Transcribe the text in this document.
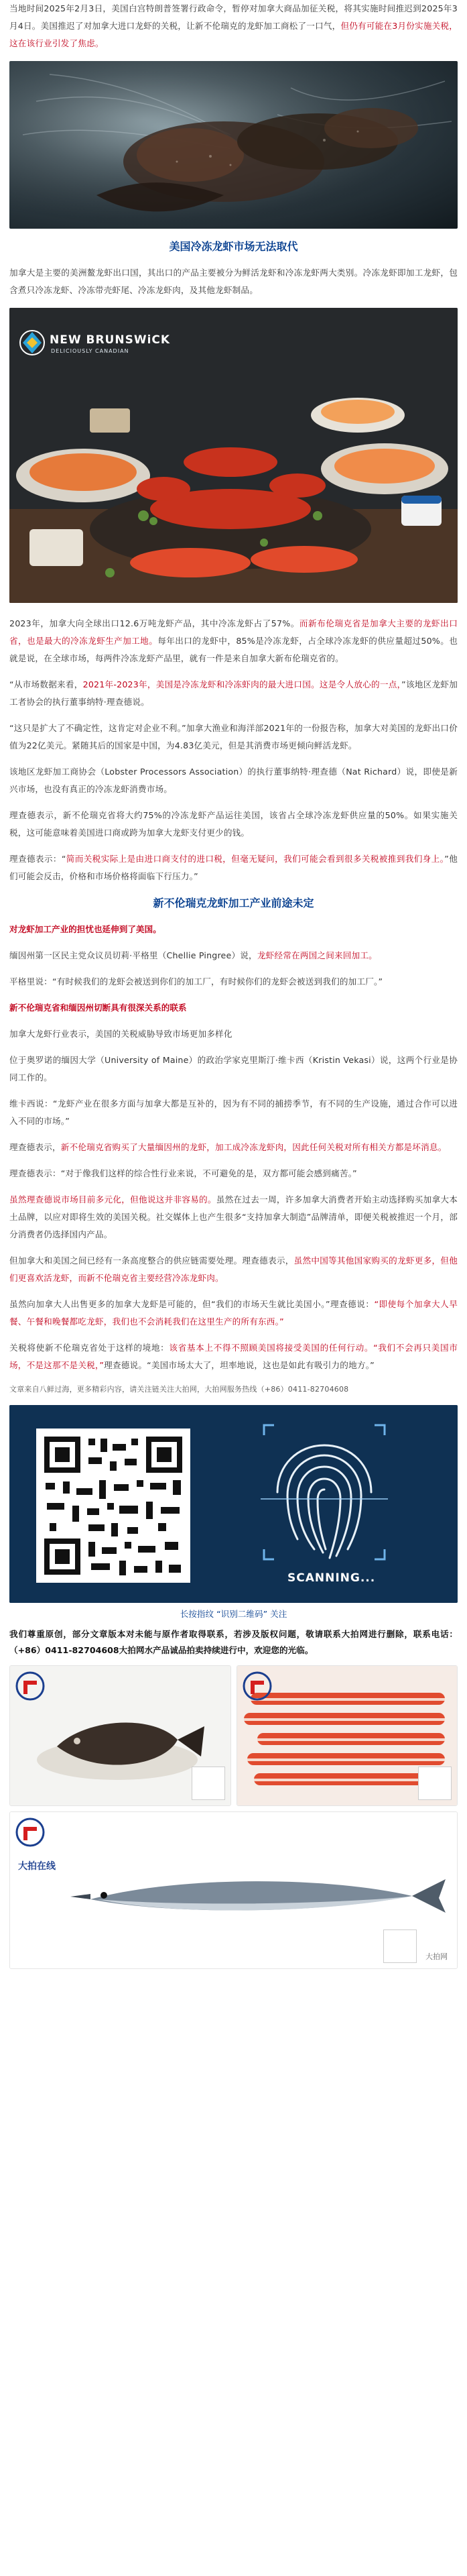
当地时间2025年2月3日，美国白宫特朗普签署行政命令，暂停对加拿大商品加征关税，将其实施时间推迟到2025年3月4日。美国推迟了对加拿大进口龙虾的关税，让新不伦瑞克的龙虾加工商松了一口气，但仍有可能在3月份实施关税，这在该行业引发了焦虑。

美国冷冻龙虾市场无法取代

加拿大是主要的美洲鳌龙虾出口国，其出口的产品主要被分为鲜活龙虾和冷冻龙虾两大类别。冷冻龙虾即加工龙虾，包含煮只冷冻龙虾、冷冻带壳虾尾、冷冻龙虾肉，及其他龙虾制品。

NEW BRUNSWiCK
DELICIOUSLY CANADIAN

2023年，加拿大向全球出口12.6万吨龙虾产品，其中冷冻龙虾占了57%。而新布伦瑞克省是加拿大主要的龙虾出口省，也是最大的冷冻龙虾生产加工地。每年出口的龙虾中，85%是冷冻龙虾，占全球冷冻龙虾的供应量超过50%。也就是说，在全球市场，每两件冷冻龙虾产品里，就有一件是来自加拿大新布伦瑞克省的。

“从市场数据来看，2021年-2023年，美国是冷冻龙虾和冷冻虾肉的最大进口国。这是令人放心的一点，”该地区龙虾加工者协会的执行董事纳特·理查德说。

“这只是扩大了不确定性，这肯定对企业不利。”加拿大渔业和海洋部2021年的一份报告称，加拿大对美国的龙虾出口价值为22亿美元。紧随其后的国家是中国，为4.83亿美元，但是其消费市场更倾向鲜活龙虾。

该地区龙虾加工商协会（Lobster Processors Association）的执行董事纳特·理查德（Nat Richard）说，即使是新兴市场，也没有真正的冷冻龙虾消费市场。

理查德表示，新不伦瑞克省将大约75%的冷冻龙虾产品运往美国，该省占全球冷冻龙虾供应量的50%。如果实施关税，这可能意味着美国进口商或跨为加拿大龙虾支付更少的钱。

理查德表示：“简而关税实际上是由进口商支付的进口税，但毫无疑问，我们可能会看到很多关税被推到我们身上。”他们可能会反击，价格和市场价格将面临下行压力。”

新不伦瑞克龙虾加工产业前途未定
对龙虾加工产业的担忧也延伸到了美国。

缅因州第一区民主党众议员切莉·平格里（Chellie Pingree）说，龙虾经常在两国之间来回加工。

平格里说：“有时候我们的龙虾会被送到你们的加工厂，有时候你们的龙虾会被送到我们的加工厂。”

新不伦瑞克省和缅因州切断具有很深关系的联系

加拿大龙虾行业表示，美国的关税威胁导致市场更加多样化

位于奥罗诺的缅因大学（University of Maine）的政治学家克里斯汀·维卡西（Kristin Vekasi）说，这两个行业是协同工作的。

维卡西说：“龙虾产业在很多方面与加拿大都是互补的，因为有不同的捕捞季节，有不同的生产设施，通过合作可以进入不同的市场。”

理查德表示，新不伦瑞克省购买了大量缅因州的龙虾，加工成冷冻龙虾肉，因此任何关税对所有相关方都是坏消息。

理查德表示：“对于像我们这样的综合性行业来说，不可避免的是，双方都可能会感到痛苦。”

虽然理查德说市场目前多元化，但他说这并非容易的。虽然在过去一周，许多加拿大消费者开始主动选择购买加拿大本土品牌，以应对即将生效的美国关税。社交媒体上也产生很多“支持加拿大制造”品牌清单，即便关税被推迟一个月，部分消费者仍选择国内产品。

但加拿大和美国之间已经有一条高度整合的供应链需要处理。理查德表示，虽然中国等其他国家购买的龙虾更多，但他们更喜欢活龙虾，而新不伦瑞克省主要经营冷冻龙虾肉。

虽然向加拿大人出售更多的加拿大龙虾是可能的，但“我们的市场天生就比美国小。”理查德说：“即使每个加拿大人早餐、午餐和晚餐都吃龙虾，我们也不会消耗我们在这里生产的所有东西。”

关税将使新不伦瑞克省处于这样的境地：该省基本上不得不照顾美国将接受美国的任何行动。“我们不会再只美国市场，不是这那不是关税，”理查德说。“美国市场太大了，坦率地说，这也是如此有吸引力的地方。”

文章来自八鲜过海，更多精彩内容，请关注链关注大拍网，大拍网服务热线（+86）0411-82704608

SCANNING...
长按指纹 “识别二维码” 关注

我们尊重原创，部分文章版本对未能与原作者取得联系，若涉及版权问题，敬请联系大拍网进行删除，联系电话：（+86）0411-82704608大拍网水产品诚品拍卖持续进行中，欢迎您的光临。

大拍在线
大拍网
